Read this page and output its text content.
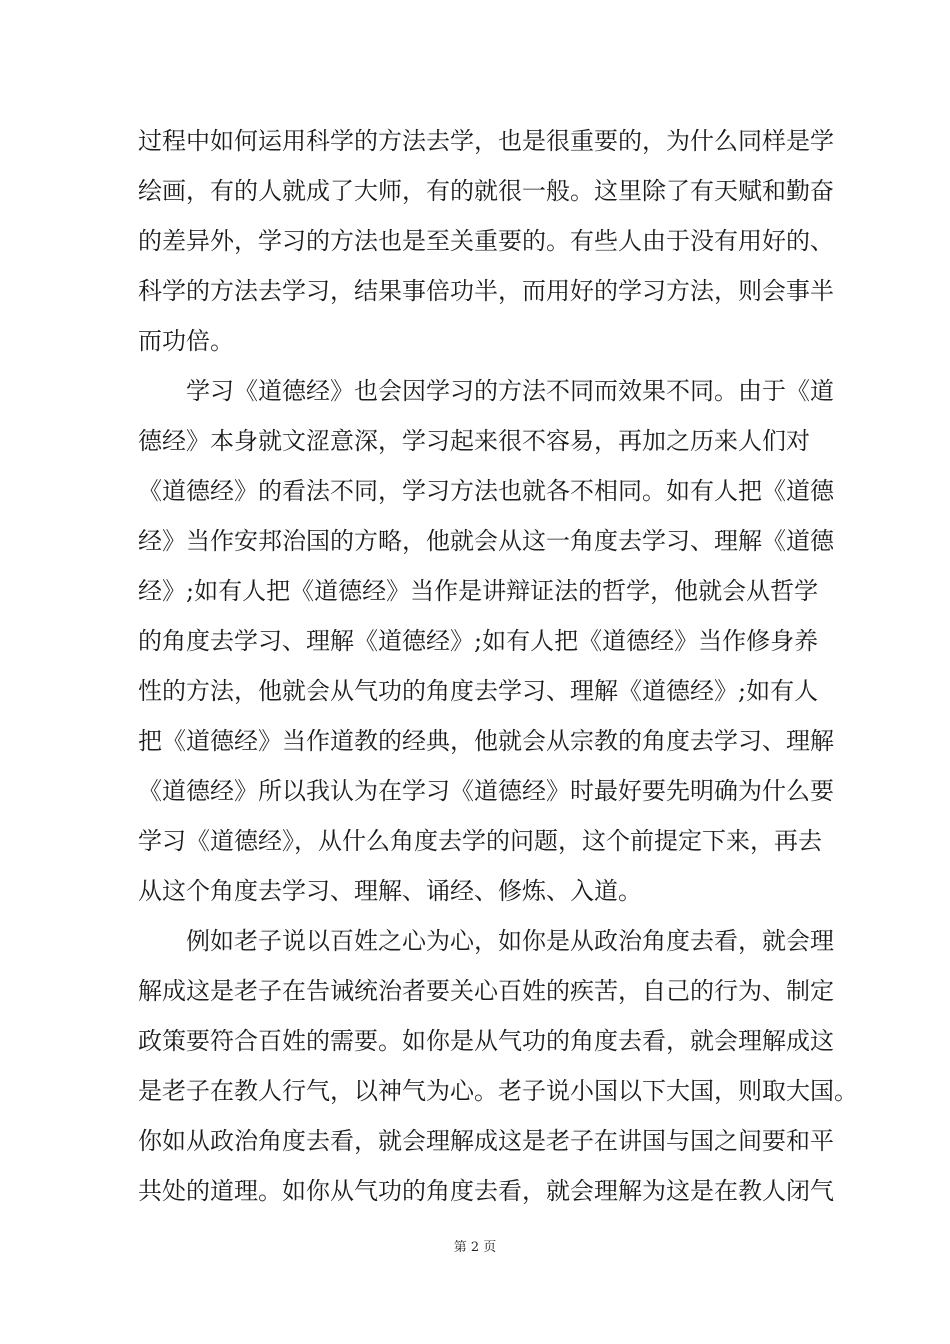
过程中如何运用科学的方法去学，也是很重要的，为什么同样是学
绘画，有的人就成了大师，有的就很一般。这里除了有天赋和勤奋
的差异外，学习的方法也是至关重要的。有些人由于没有用好的、
科学的方法去学习，结果事倍功半，而用好的学习方法，则会事半
而功倍。
学习《道德经》也会因学习的方法不同而效果不同。由于《道
德经》本身就文涩意深，学习起来很不容易，再加之历来人们对
《道德经》的看法不同，学习方法也就各不相同。如有人把《道德
经》当作安邦治国的方略，他就会从这一角度去学习、理解《道德
经》;如有人把《道德经》当作是讲辩证法的哲学，他就会从哲学
的角度去学习、理解《道德经》;如有人把《道德经》当作修身养
性的方法，他就会从气功的角度去学习、理解《道德经》;如有人
把《道德经》当作道教的经典，他就会从宗教的角度去学习、理解
《道德经》所以我认为在学习《道德经》时最好要先明确为什么要
学习《道德经》，从什么角度去学的问题，这个前提定下来，再去
从这个角度去学习、理解、诵经、修炼、入道。
例如老子说以百姓之心为心，如你是从政治角度去看，就会理
解成这是老子在告诫统治者要关心百姓的疾苦，自己的行为、制定
政策要符合百姓的需要。如你是从气功的角度去看，就会理解成这
是老子在教人行气，以神气为心。老子说小国以下大国，则取大国。
你如从政治角度去看，就会理解成这是老子在讲国与国之间要和平
共处的道理。如你从气功的角度去看，就会理解为这是在教人闭气
第 2 页
